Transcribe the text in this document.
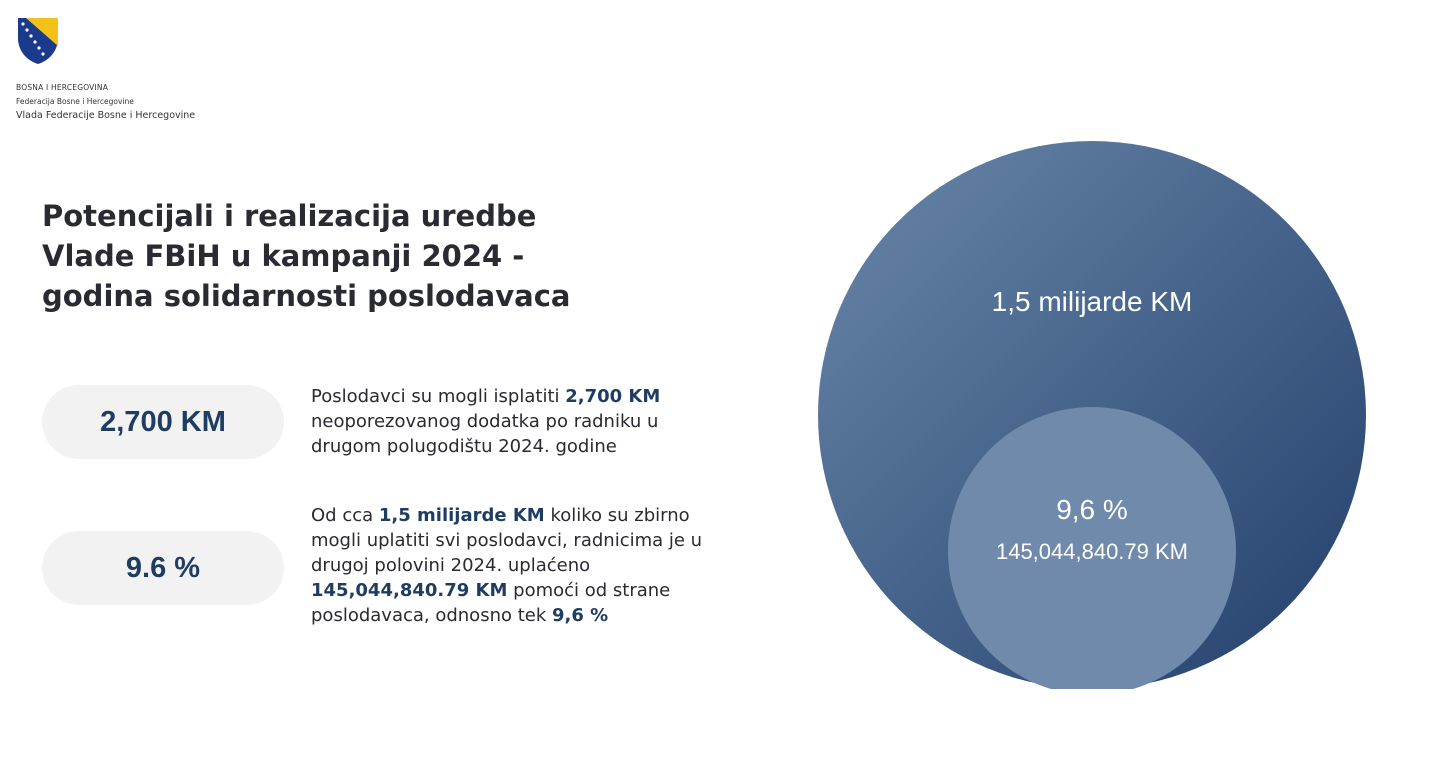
BOSNA I HERCEGOVINA
Federacija Bosne i Hercegovine
Vlada Federacije Bosne i Hercegovine
Potencijali i realizacija uredbe
Vlade FBiH u kampanji 2024 -
godina solidarnosti poslodavaca
2,700 KM

Poslodavci su mogli isplatiti 2,700 KM
neoporezovanog dodatka po radniku u
drugom polugodištu 2024. godine

9.6 %

Od cca 1,5 milijarde KM koliko su zbirno
mogli uplatiti svi poslodavci, radnicima je u
drugoj polovini 2024. uplaćeno
145,044,840.79 KM pomoći od strane
poslodavaca, odnosno tek 9,6 %

1,5 milijarde KM
9,6 %
145,044,840.79 KM
